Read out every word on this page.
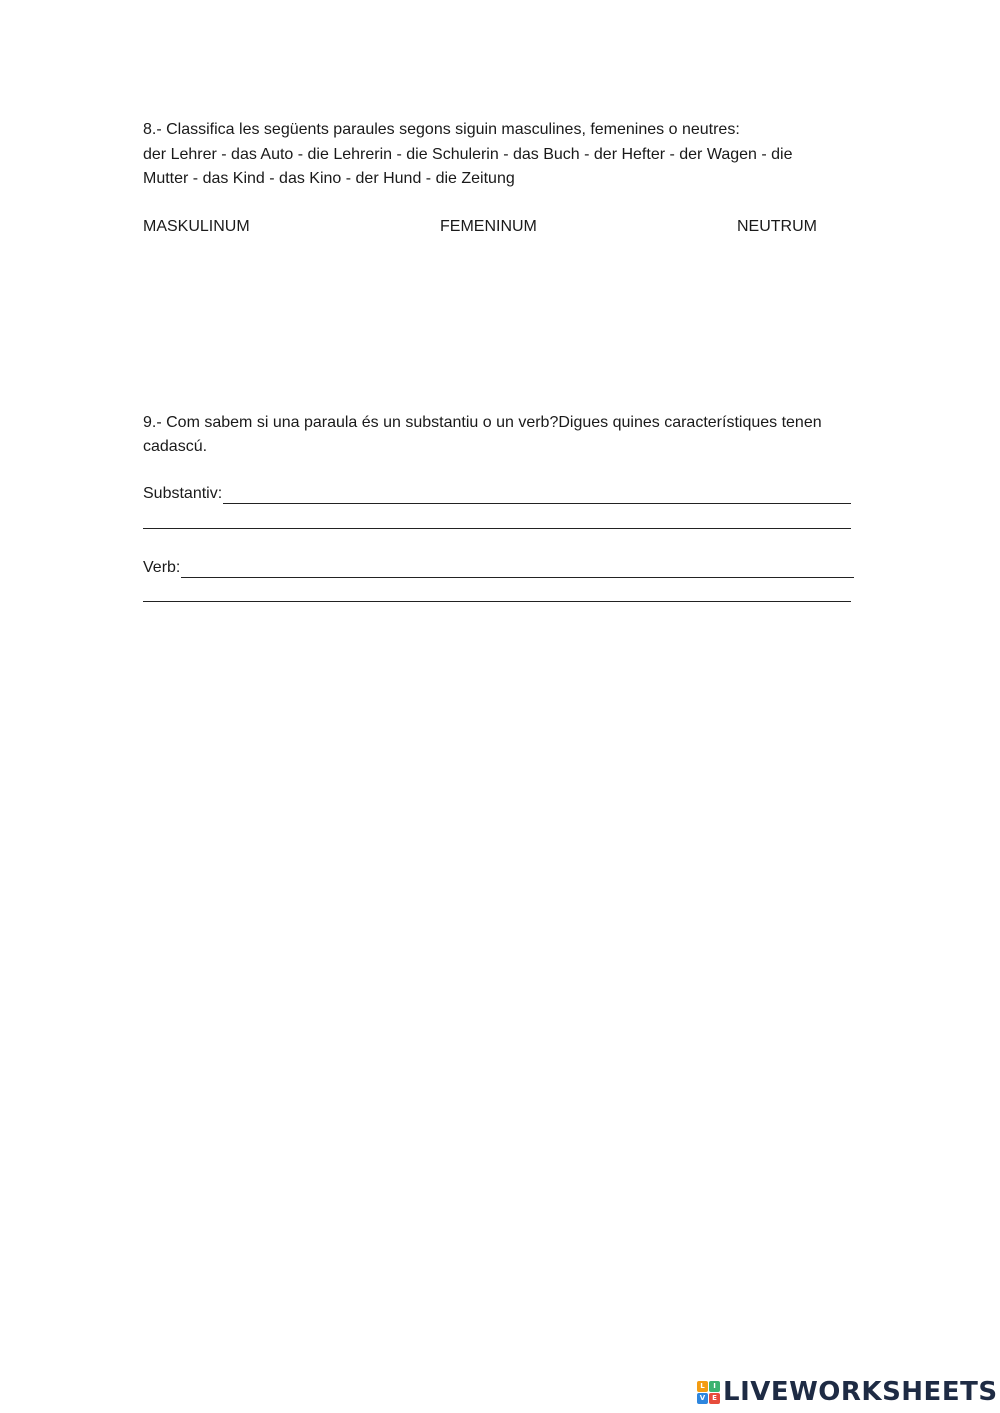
8.- Classifica les següents paraules segons siguin masculines, femenines o neutres:
der Lehrer - das Auto - die Lehrerin - die Schulerin - das Buch - der Hefter - der Wagen - die
Mutter - das Kind - das Kino - der Hund - die Zeitung
MASKULINUM	FEMENINUM	NEUTRUM
9.- Com sabem si una paraula és un substantiu o un verb?Digues quines característiques tenen
cadascú.
Substantiv:
Verb:
L	I
V E LIVEWORKSHEETS
